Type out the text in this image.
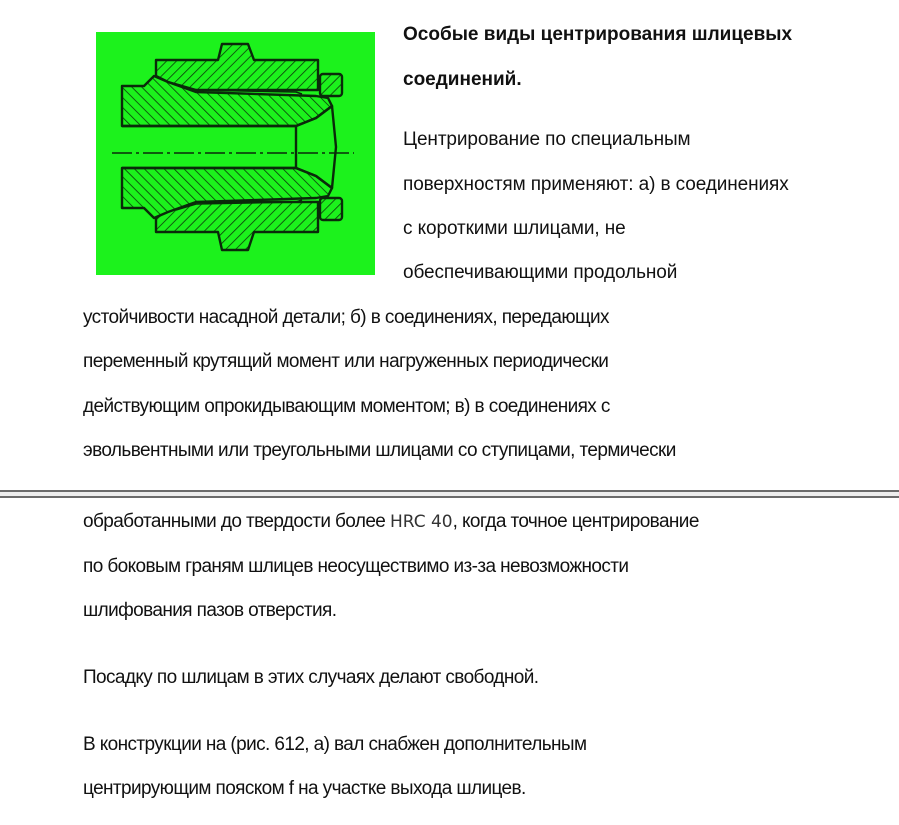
Особые виды центрирования шлицевых
соединений.
Центрирование по специальным
поверхностям применяют: а) в соединениях
с короткими шлицами, не
обеспечивающими продольной
устойчивости насадной детали; б) в соединениях, передающих
переменный крутящий момент или нагруженных периодически
действующим опрокидывающим моментом; в) в соединениях с
эвольвентными или треугольными шлицами со ступицами, термически
обработанными до твердости более HRC 40, когда точное центрирование
по боковым граням шлицев неосуществимо из-за невозможности
шлифования пазов отверстия.
Посадку по шлицам в этих случаях делают свободной.
В конструкции на (рис. 612, а) вал снабжен дополнительным
центрирующим пояском f на участке выхода шлицев.
